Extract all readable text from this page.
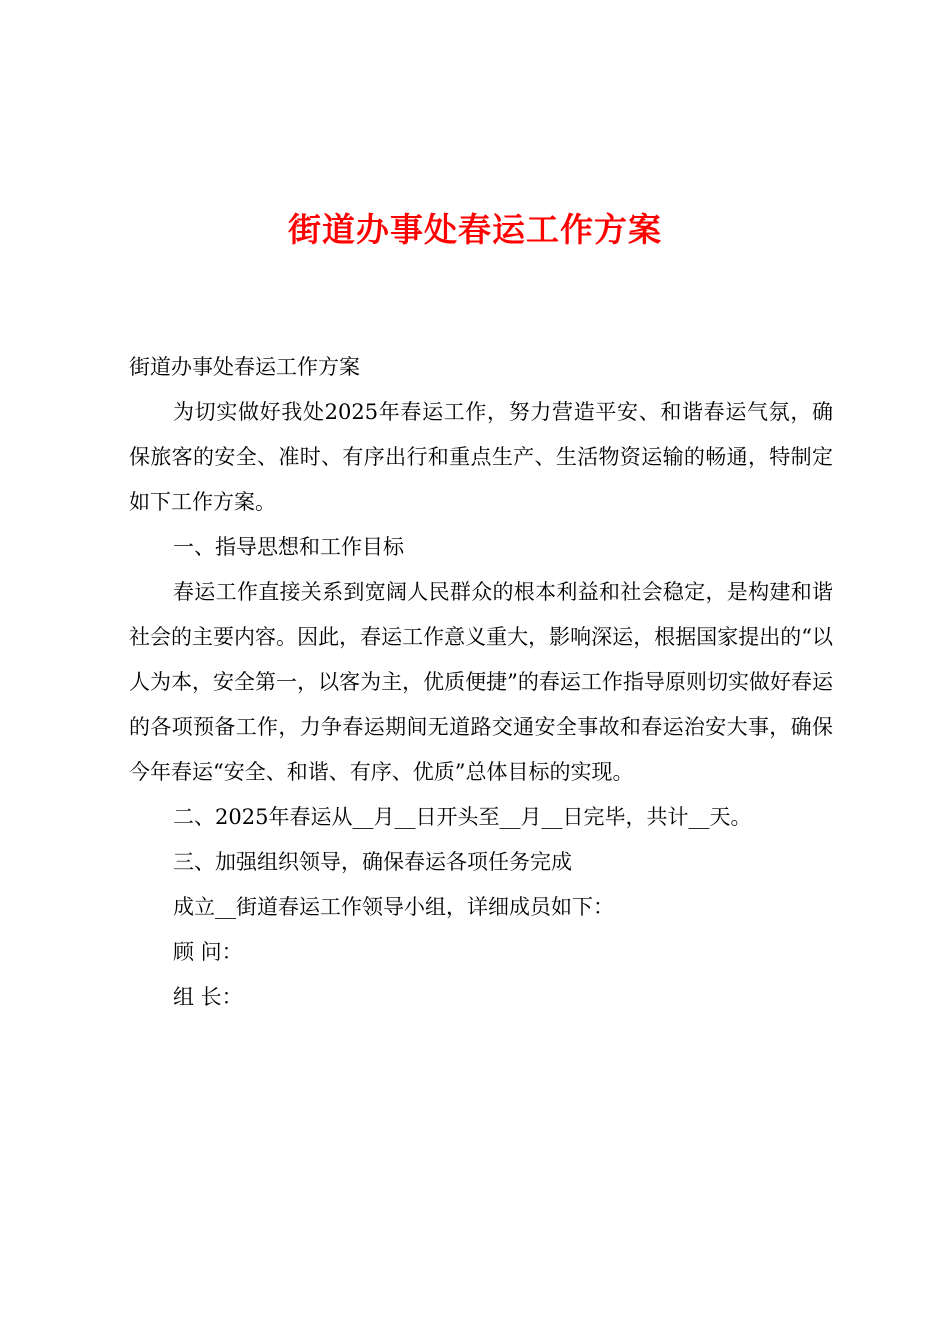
街道办事处春运工作方案

街道办事处春运工作方案

为切实做好我处2025年春运工作，努力营造平安、和谐春运气氛，确保旅客的安全、准时、有序出行和重点生产、生活物资运输的畅通，特制定如下工作方案。

一、指导思想和工作目标

春运工作直接关系到宽阔人民群众的根本利益和社会稳定，是构建和谐社会的主要内容。因此，春运工作意义重大，影响深运，根据国家提出的“以人为本，安全第一，以客为主，优质便捷”的春运工作指导原则切实做好春运的各项预备工作，力争春运期间无道路交通安全事故和春运治安大事，确保今年春运“安全、和谐、有序、优质”总体目标的实现。

二、2025年春运从__月__日开头至__月__日完毕，共计__天。

三、加强组织领导，确保春运各项任务完成

成立__街道春运工作领导小组，详细成员如下：

顾 问：

组 长：
